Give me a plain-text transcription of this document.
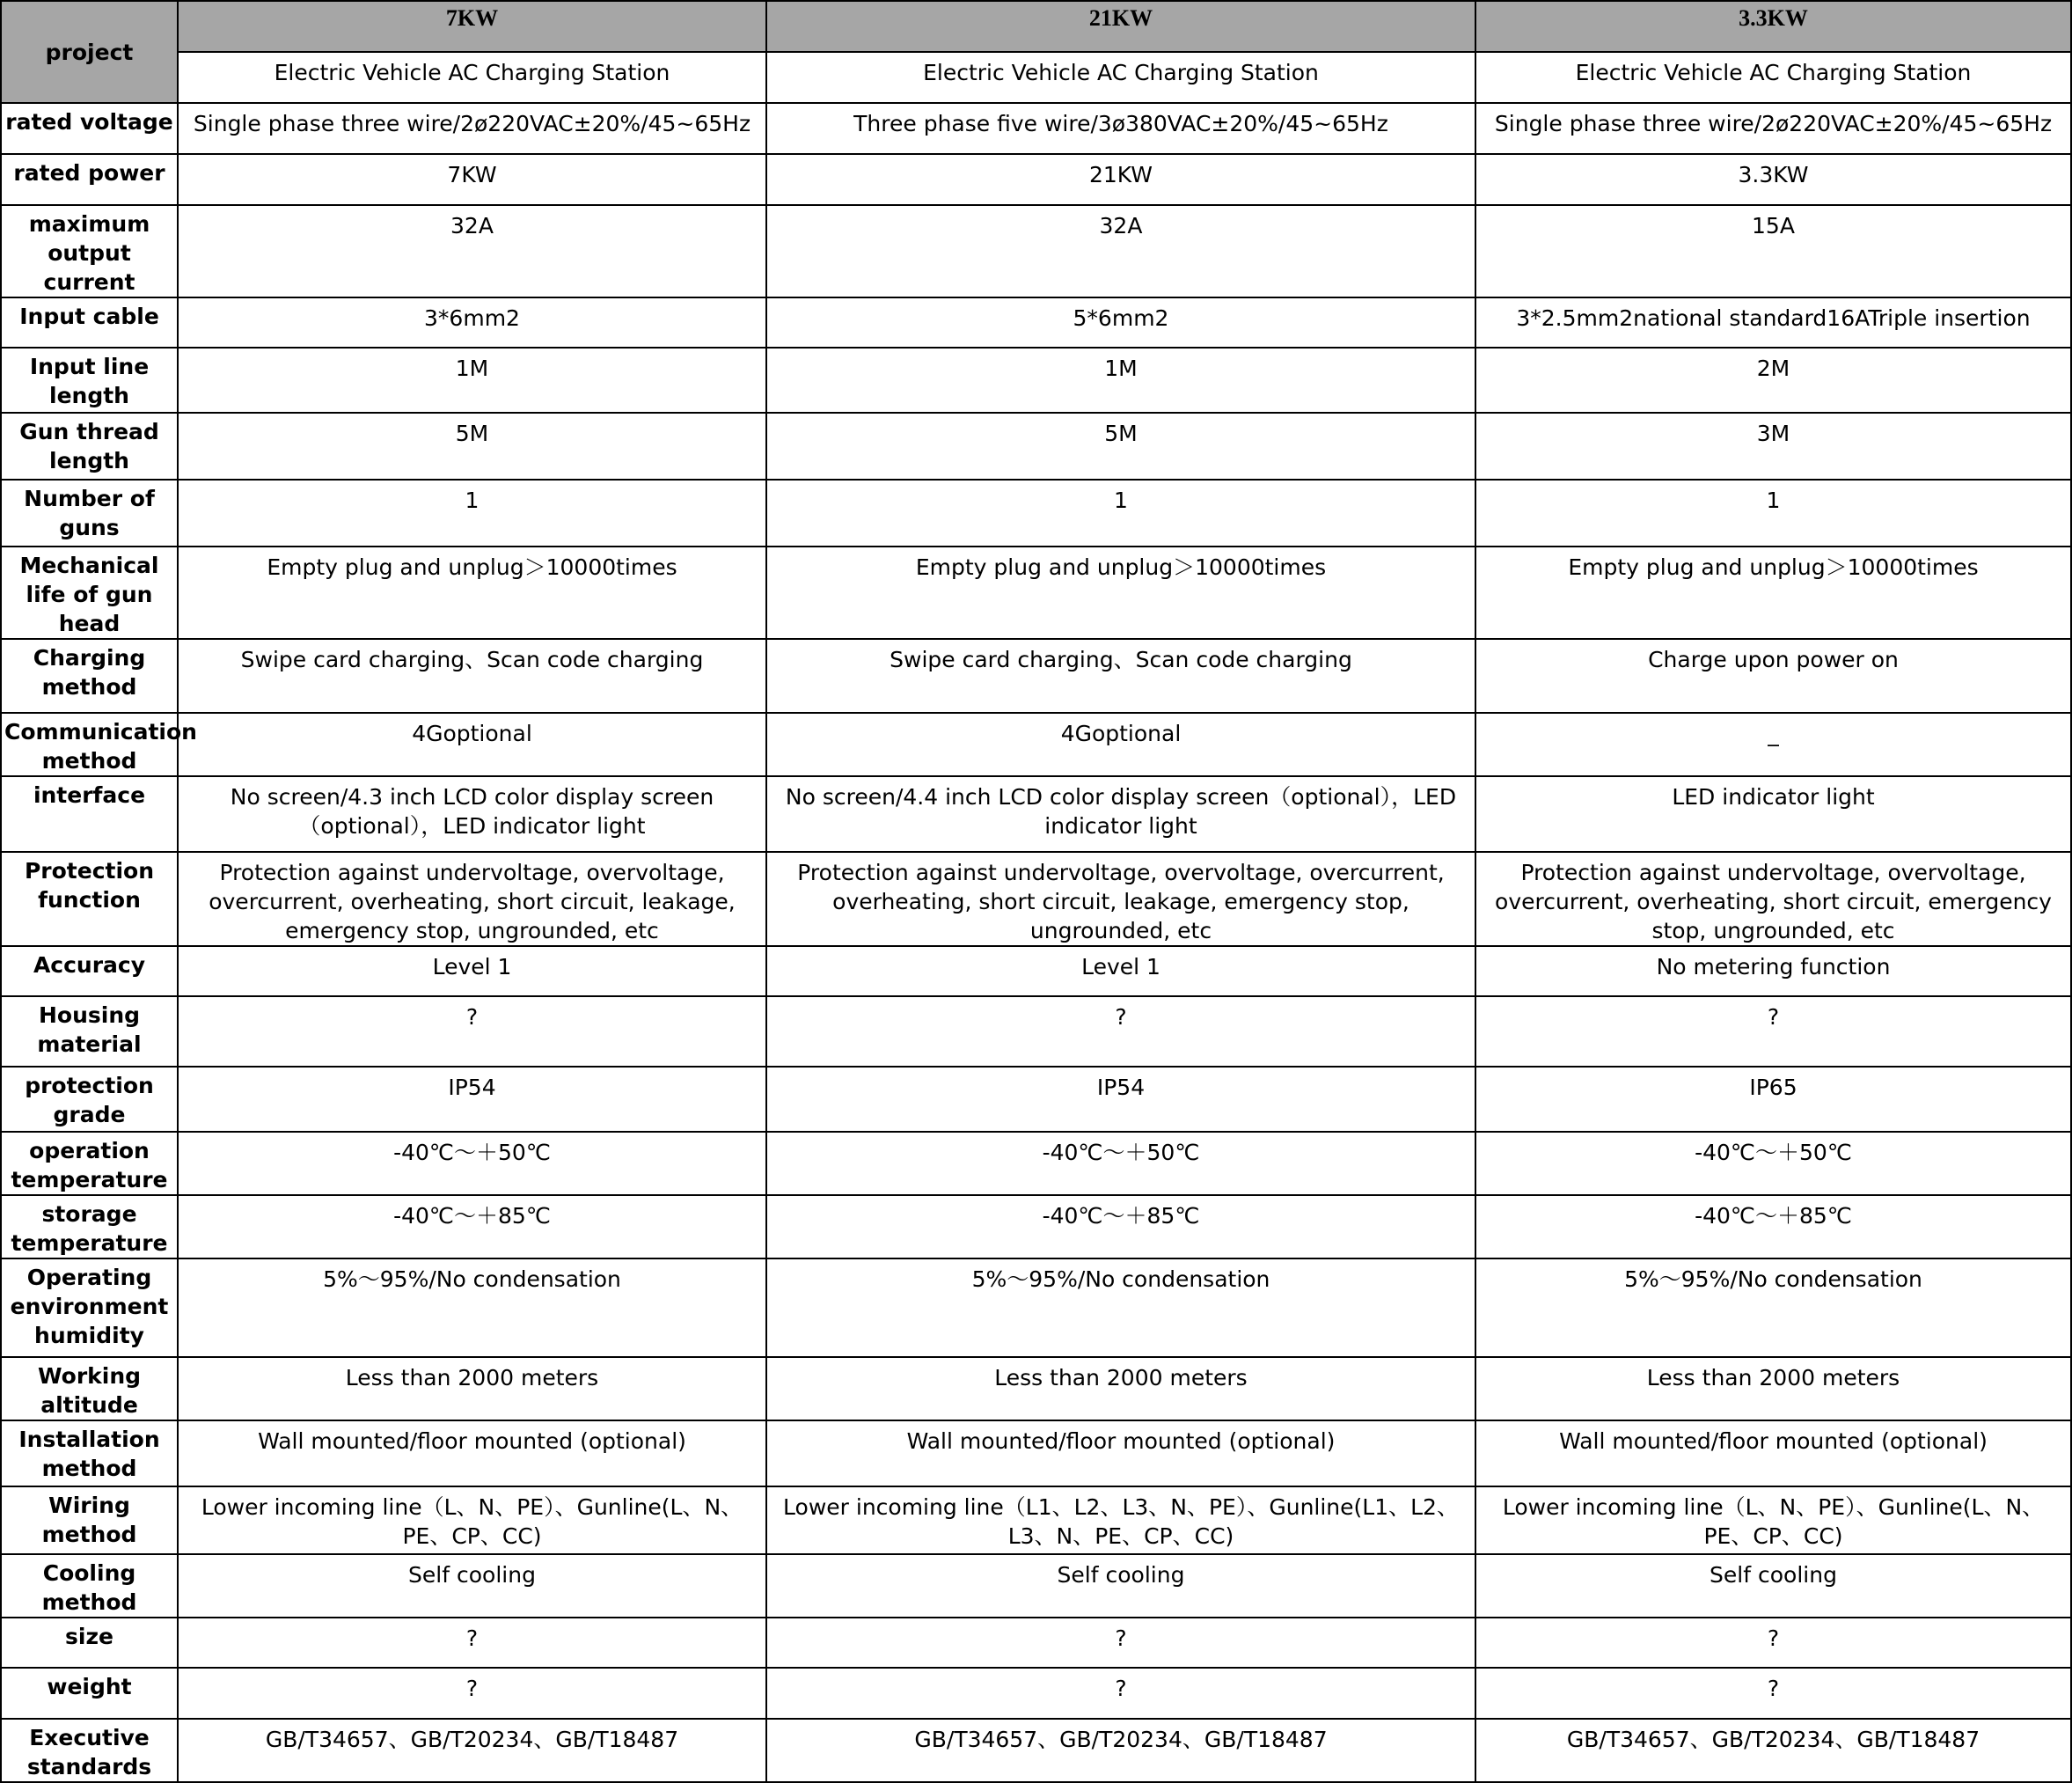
project	7KW	21KW	3.3KW
	Electric Vehicle AC Charging Station	Electric Vehicle AC Charging Station	Electric Vehicle AC Charging Station
rated voltage	Single phase three wire/2ø220VAC±20%/45~65Hz	Three phase five wire/3ø380VAC±20%/45~65Hz	Single phase three wire/2ø220VAC±20%/45~65Hz
rated power	7KW	21KW	3.3KW
maximum output current	32A	32A	15A
Input cable	3*6mm2	5*6mm2	3*2.5mm2national standard16ATriple insertion
Input line length	1M	1M	2M
Gun thread length	5M	5M	3M
Number of guns	1	1	1
Mechanical life of gun head	Empty plug and unplug＞10000times	Empty plug and unplug＞10000times	Empty plug and unplug＞10000times
Charging method	Swipe card charging、Scan code charging	Swipe card charging、Scan code charging	Charge upon power on
Communication method	4Goptional	4Goptional	_
interface	No screen/4.3 inch LCD color display screen（optional），LED indicator light	No screen/4.4 inch LCD color display screen（optional），LED indicator light	LED indicator light
Protection function	Protection against undervoltage, overvoltage, overcurrent, overheating, short circuit, leakage, emergency stop, ungrounded, etc	Protection against undervoltage, overvoltage, overcurrent, overheating, short circuit, leakage, emergency stop, ungrounded, etc	Protection against undervoltage, overvoltage, overcurrent, overheating, short circuit, emergency stop, ungrounded, etc
Accuracy	Level 1	Level 1	No metering function
Housing material	?	?	?
protection grade	IP54	IP54	IP65
operation temperature	-40℃～＋50℃	-40℃～＋50℃	-40℃～＋50℃
storage temperature	-40℃～＋85℃	-40℃～＋85℃	-40℃～＋85℃
Operating environment humidity	5%～95%/No condensation	5%～95%/No condensation	5%～95%/No condensation
Working altitude	Less than 2000 meters	Less than 2000 meters	Less than 2000 meters
Installation method	Wall mounted/floor mounted (optional)	Wall mounted/floor mounted (optional)	Wall mounted/floor mounted (optional)
Wiring method	Lower incoming line（L、N、PE）、Gunline(L、N、PE、CP、CC)	Lower incoming line（L1、L2、L3、N、PE）、Gunline(L1、L2、L3、N、PE、CP、CC)	Lower incoming line（L、N、PE）、Gunline(L、N、PE、CP、CC)
Cooling method	Self cooling	Self cooling	Self cooling
size	?	?	?
weight	?	?	?
Executive standards	GB/T34657、GB/T20234、GB/T18487	GB/T34657、GB/T20234、GB/T18487	GB/T34657、GB/T20234、GB/T18487
